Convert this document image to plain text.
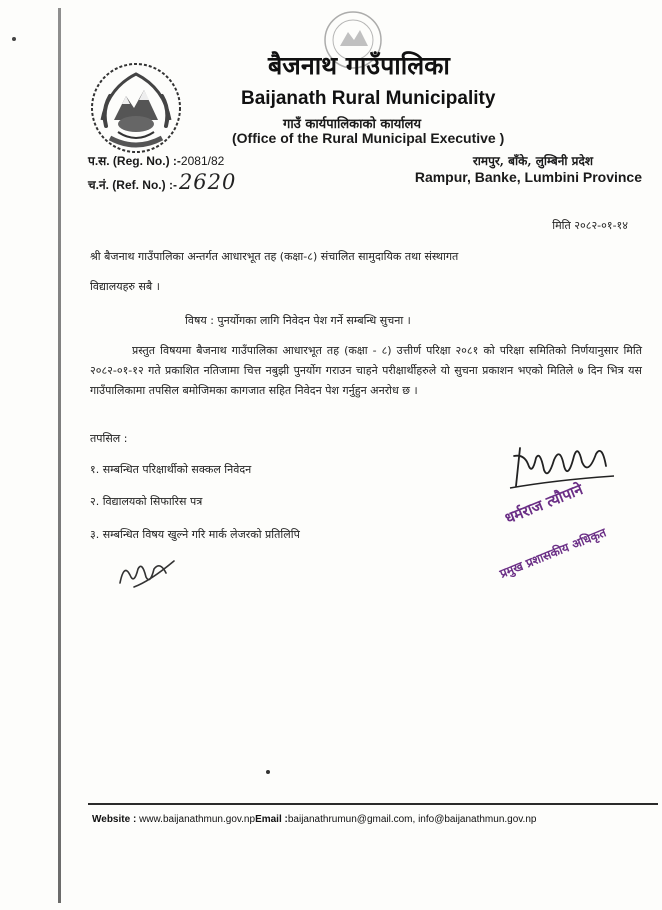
बैजनाथ गाउँपालिका
Baijanath Rural Municipality
गाउँ कार्यपालिकाको कार्यालय
(Office of the Rural Municipal Executive )
प.स. (Reg. No.) :-2081/82
च.नं. (Ref. No.) :-2620
रामपुर, बाँके, लुम्बिनी प्रदेश
Rampur, Banke, Lumbini Province
मिति २०८२-०१-१४
श्री बैजनाथ गाउँपालिका अन्तर्गत आधारभूत तह (कक्षा-८) संचालित सामुदायिक तथा संस्थागत
विद्यालयहरु सबै ।
विषय : पुनर्योगका लागि निवेदन पेश गर्ने सम्बन्धि सुचना ।
प्रस्तुत विषयमा बैजनाथ गाउँपालिका आधारभूत तह (कक्षा - ८) उत्तीर्ण परिक्षा २०८१ को परिक्षा समितिको निर्णयानुसार मिति २०८२-०१-१२ गते प्रकाशित नतिजामा चित्त नबुझी पुनर्योग गराउन चाहने परीक्षार्थीहरुले यो सुचना प्रकाशन भएको मितिले ७ दिन भित्र यस गाउँपालिकामा तपसिल बमोजिमका कागजात सहित निवेदन पेश गर्नुहुन अनरोध छ ।
तपसिल :
१. सम्बन्धित परिक्षार्थीको सक्कल निवेदन
२. विद्यालयको सिफारिस पत्र
३. सम्बन्धित विषय खुल्ने गरि मार्क लेजरको प्रतिलिपि
धर्मराज त्यौपाने
प्रमुख प्रशासकीय अधिकृत
Website : www.baijanathmun.gov.npEmail :baijanathrumun@gmail.com, info@baijanathmun.gov.np
